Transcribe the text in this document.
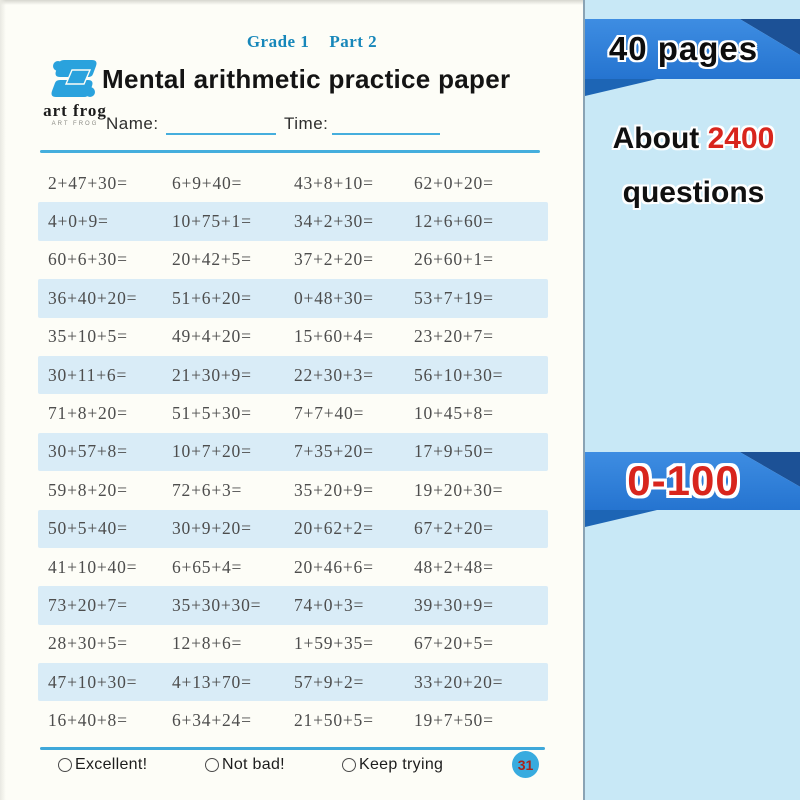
Grade 1 Part 2
art frog
ART FROG
Mental arithmetic practice paper
Name:	Time:
2+47+30=	6+9+40=	43+8+10=	62+0+20=
4+0+9=	10+75+1=	34+2+30=	12+6+60=
60+6+30=	20+42+5=	37+2+20=	26+60+1=
36+40+20=	51+6+20=	0+48+30=	53+7+19=
35+10+5=	49+4+20=	15+60+4=	23+20+7=
30+11+6=	21+30+9=	22+30+3=	56+10+30=
71+8+20=	51+5+30=	7+7+40=	10+45+8=
30+57+8=	10+7+20=	7+35+20=	17+9+50=
59+8+20=	72+6+3=	35+20+9=	19+20+30=
50+5+40=	30+9+20=	20+62+2=	67+2+20=
41+10+40=	6+65+4=	20+46+6=	48+2+48=
73+20+7=	35+30+30=	74+0+3=	39+30+9=
28+30+5=	12+8+6=	1+59+35=	67+20+5=
47+10+30=	4+13+70=	57+9+2=	33+20+20=
16+40+8=	6+34+24=	21+50+5=	19+7+50=
Excellent!	Not bad!	Keep trying	31
40 pages
About 2400
questions
0-100
